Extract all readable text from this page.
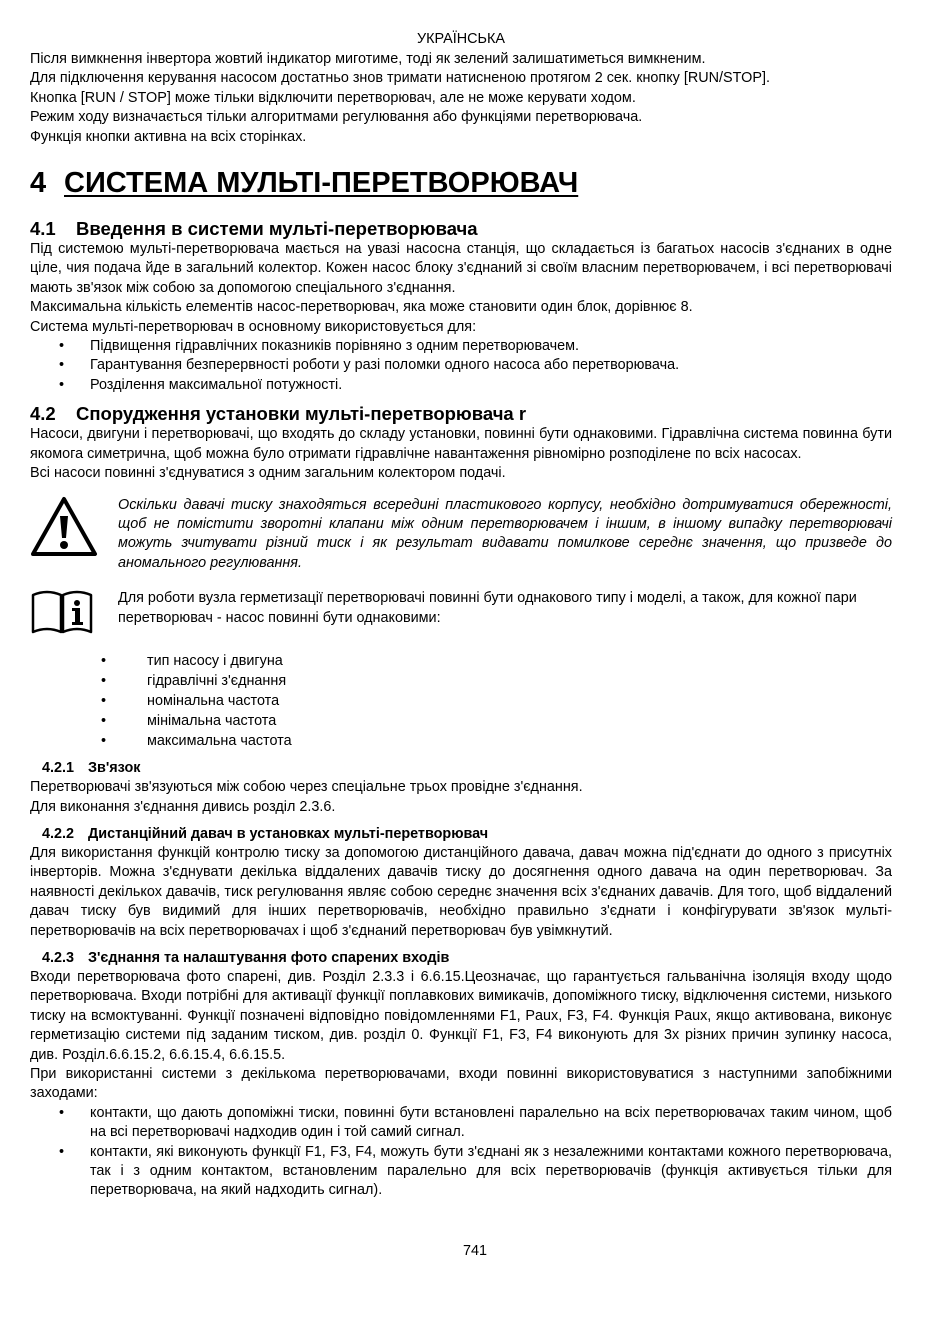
УКРАЇНСЬКА

Після вимкнення інвертора жовтий індикатор миготиме, тоді як зелений залишатиметься вимкненим.

Для підключення керування насосом достатньо знов тримати натисненою протягом 2 сек. кнопку [RUN/STOP].

Кнопка [RUN / STOP] може тільки відключити перетворювач, але не може керувати ходом.

Режим ходу визначається тільки алгоритмами регулювання або функціями перетворювача.

Функція кнопки активна на всіх сторінках.

4 СИСТЕМА МУЛЬТІ-ПЕРЕТВОРЮВАЧ
4.1 Введення в системи мульті-перетворювача

Під системою мульті-перетворювача мається на увазі насосна станція, що складається із багатьох насосів з'єднаних в одне ціле, чия подача йде в загальний колектор. Кожен насос блоку з'єднаний зі своїм власним перетворювачем, і всі перетворювачі мають зв'язок між собою за допомогою спеціального з'єднання.

Максимальна кількість елементів насос-перетворювач, яка може становити один блок, дорівнює 8.

Система мульті-перетворювач в основному використовується для:

• Підвищення гідравлічних показників порівняно з одним перетворювачем.
• Гарантування безперервності роботи у разі поломки одного насоса або перетворювача.
• Розділення максимальної потужності.
4.2 Спорудження установки мульті-перетворювача r

Насоси, двигуни і перетворювачі, що входять до складу установки, повинні бути однаковими. Гідравлічна система повинна бути якомога симетрична, щоб можна було отримати гідравлічне навантаження рівномірно розподілене по всіх насосах.

Всі насоси повинні з'єднуватися з одним загальним колектором подачі.

Оскільки давачі тиску знаходяться всередині пластикового корпусу, необхідно дотримуватися обережності, щоб не помістити зворотні клапани між одним перетворювачем і іншим, в іншому випадку перетворювачі можуть зчитувати різний тиск і як результат видавати помилкове середнє значення, що призведе до аномального регулювання.

Для роботи вузла герметизації перетворювачі повинні бути однакового типу і моделі, а також, для кожної пари перетворювач - насос повинні бути однаковими:

• тип насосу і двигуна
• гідравлічні з'єднання
• номінальна частота
• мінімальна частота
• максимальна частота
4.2.1 Зв'язок

Перетворювачі зв'язуються між собою через спеціальне трьох провідне з'єднання.

Для виконання з'єднання дивись розділ 2.3.6.

4.2.2 Дистанційний давач в установках мульті-перетворювач

Для використання функцій контролю тиску за допомогою дистанційного давача, давач можна під'єднати до одного з присутніх інверторів. Можна з'єднувати декілька віддалених давачів тиску до досягнення одного давача на один перетворювач. За наявності декількох давачів, тиск регулювання являє собою середнє значення всіх з'єднаних давачів. Для того, щоб віддалений давач тиску був видимий для інших перетворювачів, необхідно правильно з'єднати і конфігурувати зв'язок мульті-перетворювачів на всіх перетворювачах і щоб з'єднаний перетворювач був увімкнутий.

4.2.3 З'єднання та налаштування фото спарених входів

Входи перетворювача фото спарені, див. Розділ 2.3.3 і 6.6.15.Цеозначає, що гарантується гальванічна ізоляція входу щодо перетворювача. Входи потрібні для активації функції поплавкових вимикачів, допоміжного тиску, відключення системи, низького тиску на всмоктуванні. Функції позначені відповідно повідомленнями F1, Paux, F3, F4. Функція Paux, якщо активована, виконує герметизацію системи під заданим тиском, див. розділ 0. Функції F1, F3, F4 виконують для 3х різних причин зупинку насоса, див. Розділ.6.6.15.2, 6.6.15.4, 6.6.15.5.

При використанні системи з декількома перетворювачами, входи повинні використовуватися з наступними запобіжними заходами:

• контакти, що дають допоміжні тиски, повинні бути встановлені паралельно на всіх перетворювачах таким чином, щоб на всі перетворювачі надходив один і той самий сигнал.
• контакти, які виконують функції F1, F3, F4, можуть бути з'єднані як з незалежними контактами кожного перетворювача, так і з одним контактом, встановленим паралельно для всіх перетворювачів (функція активується тільки для перетворювача, на який надходить сигнал).
741
